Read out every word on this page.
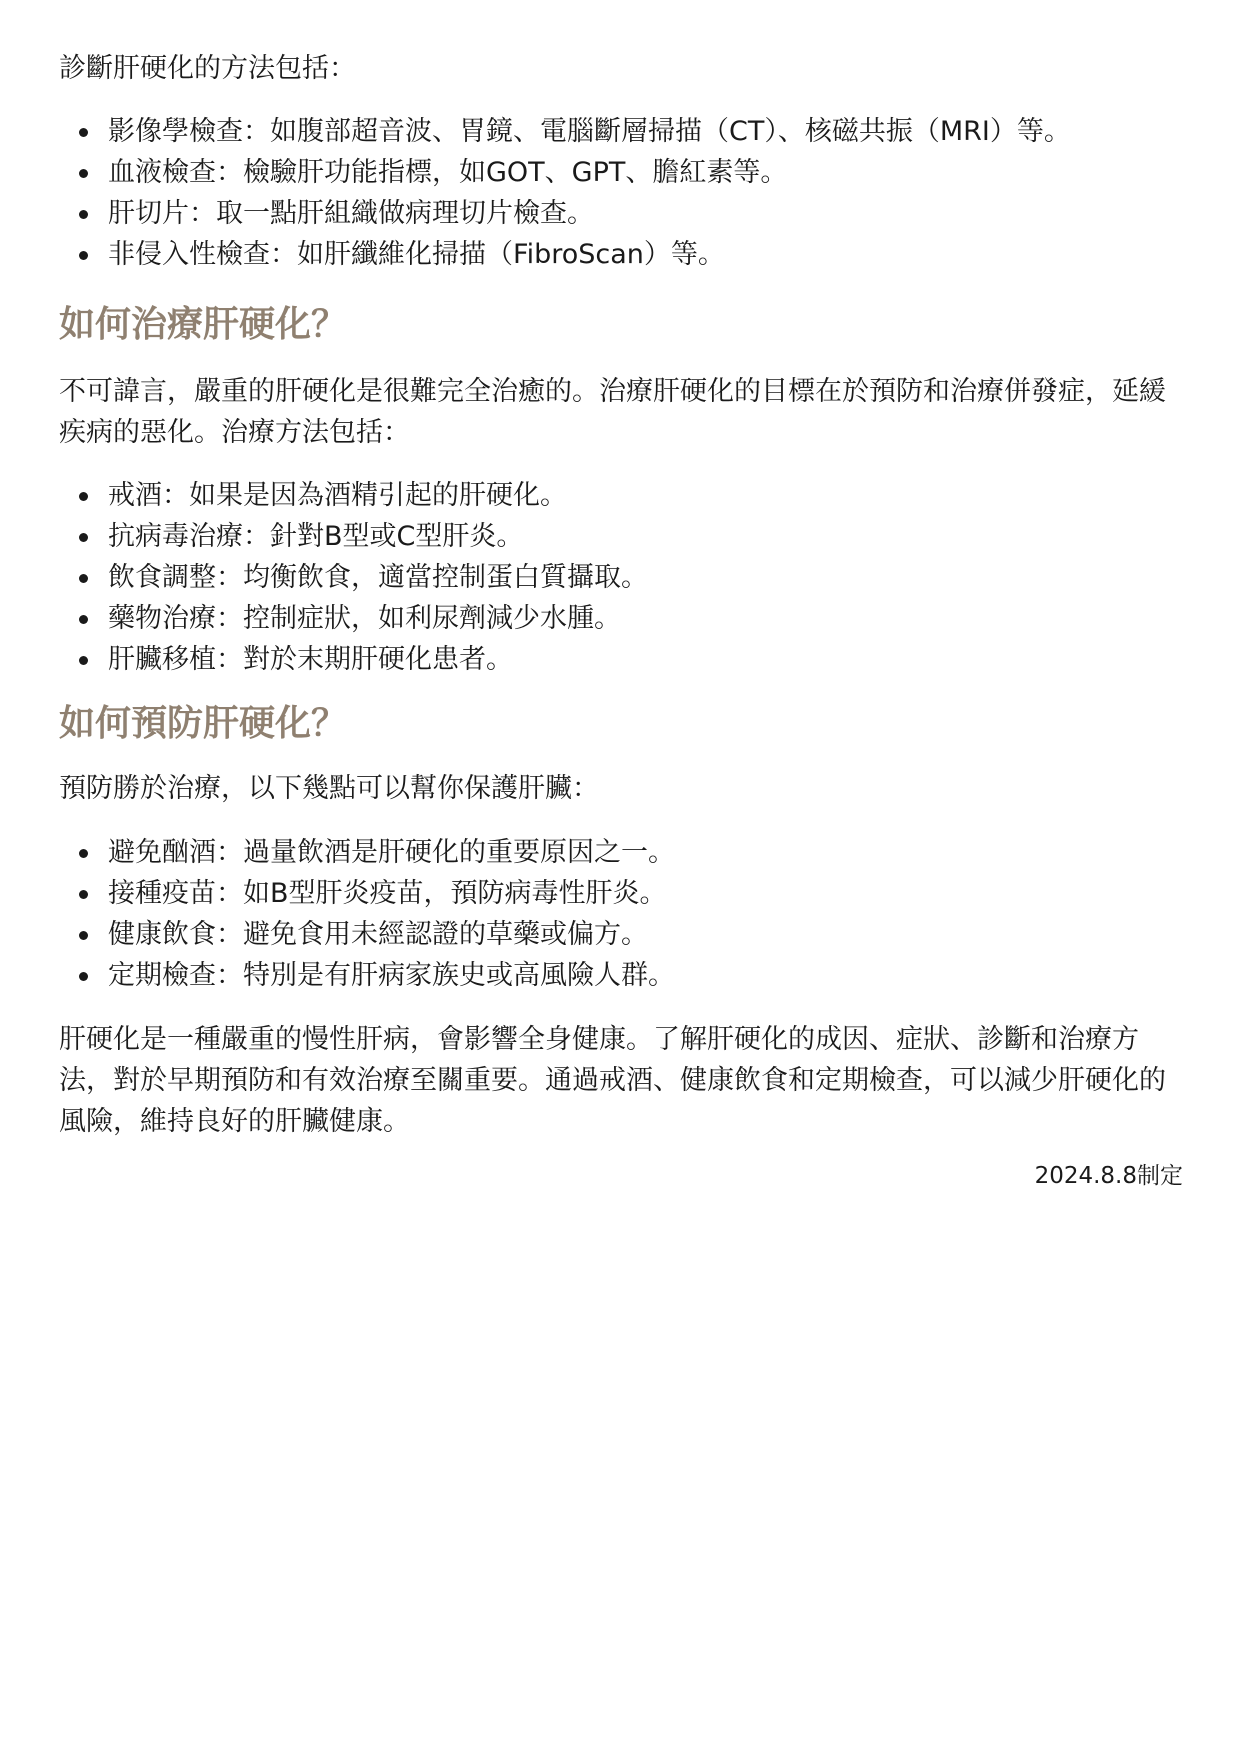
診斷肝硬化的方法包括：

影像學檢查：如腹部超音波、胃鏡、電腦斷層掃描（CT）、核磁共振（MRI）等。
血液檢查：檢驗肝功能指標，如GOT、GPT、膽紅素等。
肝切片：取一點肝組織做病理切片檢查。
非侵入性檢查：如肝纖維化掃描（FibroScan）等。
如何治療肝硬化？

不可諱言，嚴重的肝硬化是很難完全治癒的。治療肝硬化的目標在於預防和治療併發症，延緩疾病的惡化。治療方法包括：

戒酒：如果是因為酒精引起的肝硬化。
抗病毒治療：針對B型或C型肝炎。
飲食調整：均衡飲食，適當控制蛋白質攝取。
藥物治療：控制症狀，如利尿劑減少水腫。
肝臟移植：對於末期肝硬化患者。
如何預防肝硬化？

預防勝於治療，以下幾點可以幫你保護肝臟：

避免酗酒：過量飲酒是肝硬化的重要原因之一。
接種疫苗：如B型肝炎疫苗，預防病毒性肝炎。
健康飲食：避免食用未經認證的草藥或偏方。
定期檢查：特別是有肝病家族史或高風險人群。

肝硬化是一種嚴重的慢性肝病，會影響全身健康。了解肝硬化的成因、症狀、診斷和治療方法，對於早期預防和有效治療至關重要。通過戒酒、健康飲食和定期檢查，可以減少肝硬化的風險，維持良好的肝臟健康。

2024.8.8制定
